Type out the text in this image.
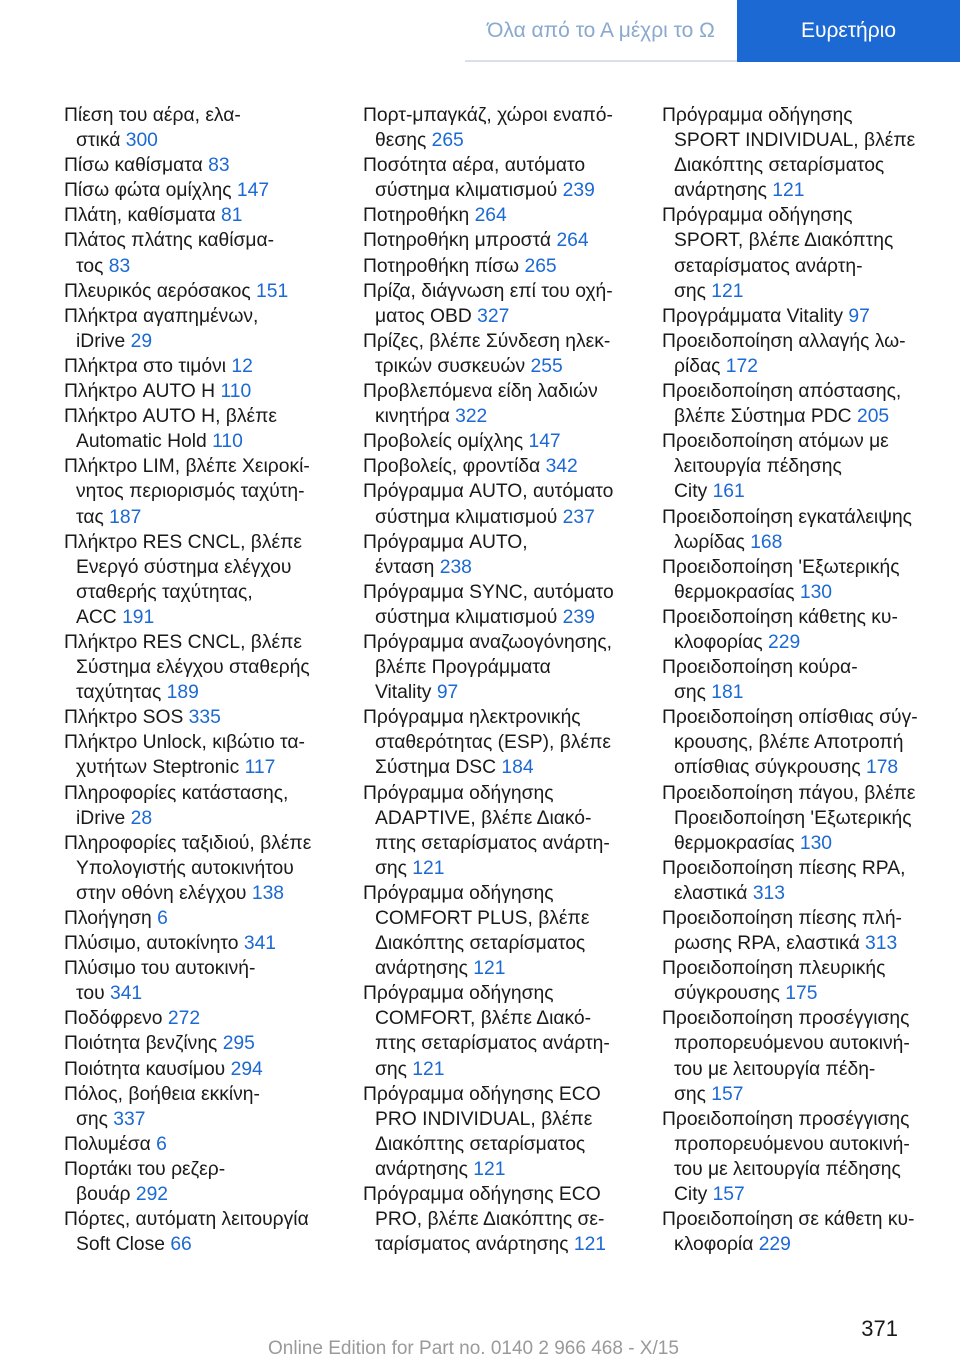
Όλα από το Α μέχρι το Ω	Ευρετήριο
Πίεση του αέρα, ελα-
στικά 300
Πίσω καθίσματα 83
Πίσω φώτα ομίχλης 147
Πλάτη, καθίσματα 81
Πλάτος πλάτης καθίσμα-
τος 83
Πλευρικός αερόσακος 151
Πλήκτρα αγαπημένων,
iDrive 29
Πλήκτρα στο τιμόνι 12
Πλήκτρο AUTO H 110
Πλήκτρο AUTO H, βλέπε
Automatic Hold 110
Πλήκτρο LIM, βλέπε Χειροκί-
νητος περιορισμός ταχύτη-
τας 187
Πλήκτρο RES CNCL, βλέπε
Ενεργό σύστημα ελέγχου
σταθερής ταχύτητας,
ACC 191
Πλήκτρο RES CNCL, βλέπε
Σύστημα ελέγχου σταθερής
ταχύτητας 189
Πλήκτρο SOS 335
Πλήκτρο Unlock, κιβώτιο τα-
χυτήτων Steptronic 117
Πληροφορίες κατάστασης,
iDrive 28
Πληροφορίες ταξιδιού, βλέπε
Υπολογιστής αυτοκινήτου
στην οθόνη ελέγχου 138
Πλοήγηση 6
Πλύσιμο, αυτοκίνητο 341
Πλύσιμο του αυτοκινή-
του 341
Ποδόφρενο 272
Ποιότητα βενζίνης 295
Ποιότητα καυσίμου 294
Πόλος, βοήθεια εκκίνη-
σης 337
Πολυμέσα 6
Πορτάκι του ρεζερ-
βουάρ 292
Πόρτες, αυτόματη λειτουργία
Soft Close 66
Πορτ-μπαγκάζ, χώροι εναπό-
θεσης 265
Ποσότητα αέρα, αυτόματο
σύστημα κλιματισμού 239
Ποτηροθήκη 264
Ποτηροθήκη μπροστά 264
Ποτηροθήκη πίσω 265
Πρίζα, διάγνωση επί του οχή-
ματος OBD 327
Πρίζες, βλέπε Σύνδεση ηλεκ-
τρικών συσκευών 255
Προβλεπόμενα είδη λαδιών
κινητήρα 322
Προβολείς ομίχλης 147
Προβολείς, φροντίδα 342
Πρόγραμμα AUTO, αυτόματο
σύστημα κλιματισμού 237
Πρόγραμμα AUTO,
ένταση 238
Πρόγραμμα SYNC, αυτόματο
σύστημα κλιματισμού 239
Πρόγραμμα αναζωογόνησης,
βλέπε Προγράμματα
Vitality 97
Πρόγραμμα ηλεκτρονικής
σταθερότητας (ESP), βλέπε
Σύστημα DSC 184
Πρόγραμμα οδήγησης
ADAPTIVE, βλέπε Διακό-
πτης σεταρίσματος ανάρτη-
σης 121
Πρόγραμμα οδήγησης
COMFORT PLUS, βλέπε
Διακόπτης σεταρίσματος
ανάρτησης 121
Πρόγραμμα οδήγησης
COMFORT, βλέπε Διακό-
πτης σεταρίσματος ανάρτη-
σης 121
Πρόγραμμα οδήγησης ECO
PRO INDIVIDUAL, βλέπε
Διακόπτης σεταρίσματος
ανάρτησης 121
Πρόγραμμα οδήγησης ECO
PRO, βλέπε Διακόπτης σε-
ταρίσματος ανάρτησης 121
Πρόγραμμα οδήγησης
SPORT INDIVIDUAL, βλέπε
Διακόπτης σεταρίσματος
ανάρτησης 121
Πρόγραμμα οδήγησης
SPORT, βλέπε Διακόπτης
σεταρίσματος ανάρτη-
σης 121
Προγράμματα Vitality 97
Προειδοποίηση αλλαγής λω-
ρίδας 172
Προειδοποίηση απόστασης,
βλέπε Σύστημα PDC 205
Προειδοποίηση ατόμων με
λειτουργία πέδησης
City 161
Προειδοποίηση εγκατάλειψης
λωρίδας 168
Προειδοποίηση 'Εξωτερικής
θερμοκρασίας 130
Προειδοποίηση κάθετης κυ-
κλοφορίας 229
Προειδοποίηση κούρα-
σης 181
Προειδοποίηση οπίσθιας σύγ-
κρουσης, βλέπε Αποτροπή
οπίσθιας σύγκρουσης 178
Προειδοποίηση πάγου, βλέπε
Προειδοποίηση 'Εξωτερικής
θερμοκρασίας 130
Προειδοποίηση πίεσης RPA,
ελαστικά 313
Προειδοποίηση πίεσης πλή-
ρωσης RPA, ελαστικά 313
Προειδοποίηση πλευρικής
σύγκρουσης 175
Προειδοποίηση προσέγγισης
προπορευόμενου αυτοκινή-
του με λειτουργία πέδη-
σης 157
Προειδοποίηση προσέγγισης
προπορευόμενου αυτοκινή-
του με λειτουργία πέδησης
City 157
Προειδοποίηση σε κάθετη κυ-
κλοφορία 229
371
Online Edition for Part no. 0140 2 966 468 - X/15
